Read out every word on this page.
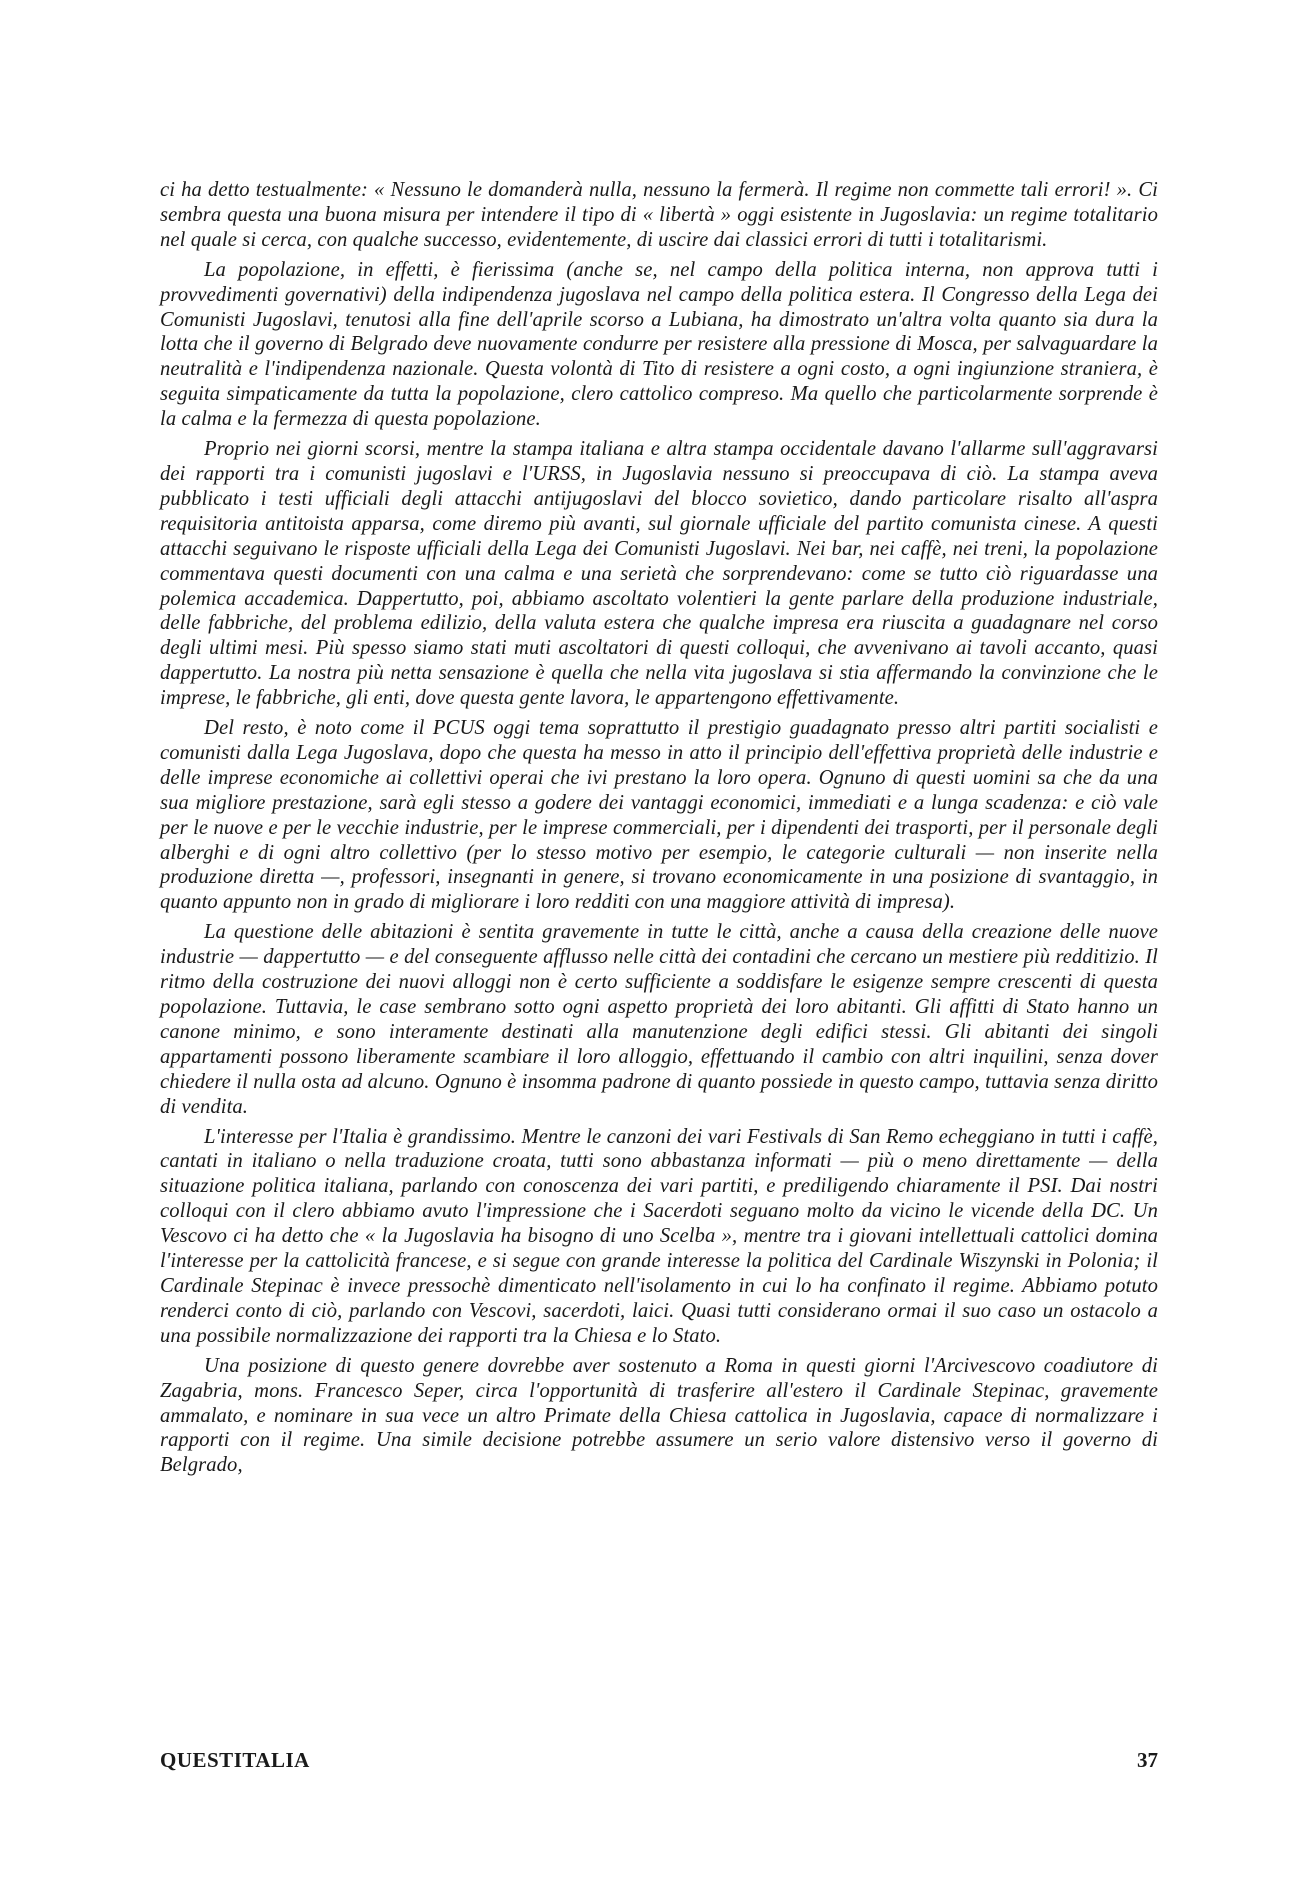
ci ha detto testualmente: « Nessuno le domanderà nulla, nessuno la fermerà. Il regime non commette tali errori! ». Ci sembra questa una buona misura per intendere il tipo di « libertà » oggi esistente in Jugoslavia: un regime totalitario nel quale si cerca, con qualche successo, evidentemente, di uscire dai classici errori di tutti i totalitarismi.

La popolazione, in effetti, è fierissima (anche se, nel campo della politica interna, non approva tutti i provvedimenti governativi) della indipendenza jugoslava nel campo della politica estera. Il Congresso della Lega dei Comunisti Jugoslavi, tenutosi alla fine dell'aprile scorso a Lubiana, ha dimostrato un'altra volta quanto sia dura la lotta che il governo di Belgrado deve nuovamente condurre per resistere alla pressione di Mosca, per salvaguardare la neutralità e l'indipendenza nazionale. Questa volontà di Tito di resistere a ogni costo, a ogni ingiunzione straniera, è seguita simpaticamente da tutta la popolazione, clero cattolico compreso. Ma quello che particolarmente sorprende è la calma e la fermezza di questa popolazione.

Proprio nei giorni scorsi, mentre la stampa italiana e altra stampa occidentale davano l'allarme sull'aggravarsi dei rapporti tra i comunisti jugoslavi e l'URSS, in Jugoslavia nessuno si preoccupava di ciò. La stampa aveva pubblicato i testi ufficiali degli attacchi antijugoslavi del blocco sovietico, dando particolare risalto all'aspra requisitoria antitoista apparsa, come diremo più avanti, sul giornale ufficiale del partito comunista cinese. A questi attacchi seguivano le risposte ufficiali della Lega dei Comunisti Jugoslavi. Nei bar, nei caffè, nei treni, la popolazione commentava questi documenti con una calma e una serietà che sorprendevano: come se tutto ciò riguardasse una polemica accademica. Dappertutto, poi, abbiamo ascoltato volentieri la gente parlare della produzione industriale, delle fabbriche, del problema edilizio, della valuta estera che qualche impresa era riuscita a guadagnare nel corso degli ultimi mesi. Più spesso siamo stati muti ascoltatori di questi colloqui, che avvenivano ai tavoli accanto, quasi dappertutto. La nostra più netta sensazione è quella che nella vita jugoslava si stia affermando la convinzione che le imprese, le fabbriche, gli enti, dove questa gente lavora, le appartengono effettivamente.

Del resto, è noto come il PCUS oggi tema soprattutto il prestigio guadagnato presso altri partiti socialisti e comunisti dalla Lega Jugoslava, dopo che questa ha messo in atto il principio dell'effettiva proprietà delle industrie e delle imprese economiche ai collettivi operai che ivi prestano la loro opera. Ognuno di questi uomini sa che da una sua migliore prestazione, sarà egli stesso a godere dei vantaggi economici, immediati e a lunga scadenza: e ciò vale per le nuove e per le vecchie industrie, per le imprese commerciali, per i dipendenti dei trasporti, per il personale degli alberghi e di ogni altro collettivo (per lo stesso motivo per esempio, le categorie culturali — non inserite nella produzione diretta —, professori, insegnanti in genere, si trovano economicamente in una posizione di svantaggio, in quanto appunto non in grado di migliorare i loro redditi con una maggiore attività di impresa).

La questione delle abitazioni è sentita gravemente in tutte le città, anche a causa della creazione delle nuove industrie — dappertutto — e del conseguente afflusso nelle città dei contadini che cercano un mestiere più redditizio. Il ritmo della costruzione dei nuovi alloggi non è certo sufficiente a soddisfare le esigenze sempre crescenti di questa popolazione. Tuttavia, le case sembrano sotto ogni aspetto proprietà dei loro abitanti. Gli affitti di Stato hanno un canone minimo, e sono interamente destinati alla manutenzione degli edifici stessi. Gli abitanti dei singoli appartamenti possono liberamente scambiare il loro alloggio, effettuando il cambio con altri inquilini, senza dover chiedere il nulla osta ad alcuno. Ognuno è insomma padrone di quanto possiede in questo campo, tuttavia senza diritto di vendita.

L'interesse per l'Italia è grandissimo. Mentre le canzoni dei vari Festivals di San Remo echeggiano in tutti i caffè, cantati in italiano o nella traduzione croata, tutti sono abbastanza informati — più o meno direttamente — della situazione politica italiana, parlando con conoscenza dei vari partiti, e prediligendo chiaramente il PSI. Dai nostri colloqui con il clero abbiamo avuto l'impressione che i Sacerdoti seguano molto da vicino le vicende della DC. Un Vescovo ci ha detto che « la Jugoslavia ha bisogno di uno Scelba », mentre tra i giovani intellettuali cattolici domina l'interesse per la cattolicità francese, e si segue con grande interesse la politica del Cardinale Wiszynski in Polonia; il Cardinale Stepinac è invece pressochè dimenticato nell'isolamento in cui lo ha confinato il regime. Abbiamo potuto renderci conto di ciò, parlando con Vescovi, sacerdoti, laici. Quasi tutti considerano ormai il suo caso un ostacolo a una possibile normalizzazione dei rapporti tra la Chiesa e lo Stato.

Una posizione di questo genere dovrebbe aver sostenuto a Roma in questi giorni l'Arcivescovo coadiutore di Zagabria, mons. Francesco Seper, circa l'opportunità di trasferire all'estero il Cardinale Stepinac, gravemente ammalato, e nominare in sua vece un altro Primate della Chiesa cattolica in Jugoslavia, capace di normalizzare i rapporti con il regime. Una simile decisione potrebbe assumere un serio valore distensivo verso il governo di Belgrado,

QUESTITALIA	37
